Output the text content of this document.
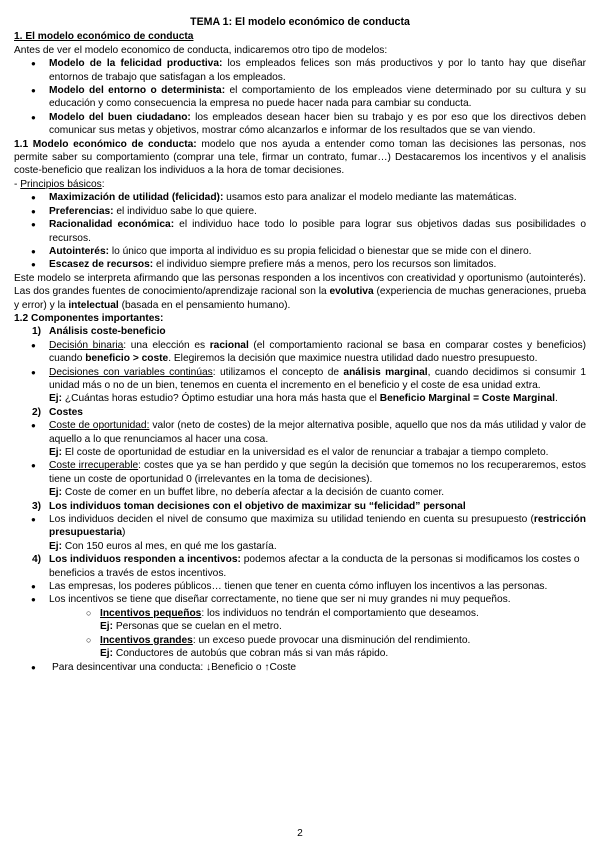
TEMA 1: El modelo económico de conducta
1. El modelo económico de conducta

Antes de ver el modelo economico de conducta, indicaremos otro tipo de modelos:

● Modelo de la felicidad productiva: los empleados felices son más productivos y por lo tanto hay que diseñar entornos de trabajo que satisfagan a los empleados.
● Modelo del entorno o determinista: el comportamiento de los empleados viene determinado por su cultura y su educación y como consecuencia la empresa no puede hacer nada para cambiar su conducta.
● Modelo del buen ciudadano: los empleados desean hacer bien su trabajo y es por eso que los directivos deben comunicar sus metas y objetivos, mostrar cómo alcanzarlos e informar de los resultados que se van viendo.

1.1 Modelo económico de conducta: modelo que nos ayuda a entender como toman las decisiones las personas, nos permite saber su comportamiento (comprar una tele, firmar un contrato, fumar…) Destacaremos los incentivos y el analisis coste-beneficio que realizan los individuos a la hora de tomar decisiones.

- Principios básicos:

● Maximización de utilidad (felicidad): usamos esto para analizar el modelo mediante las matemáticas.
● Preferencias: el individuo sabe lo que quiere.
● Racionalidad económica: el individuo hace todo lo posible para lograr sus objetivos dadas sus posibilidades o recursos.
● Autointerés: lo único que importa al individuo es su propia felicidad o bienestar que se mide con el dinero.
● Escasez de recursos: el individuo siempre prefiere más a menos, pero los recursos son limitados.

Este modelo se interpreta afirmando que las personas responden a los incentivos con creatividad y oportunismo (autointerés). Las dos grandes fuentes de conocimiento/aprendizaje racional son la evolutiva (experiencia de muchas generaciones, prueba y error) y la intelectual (basada en el pensamiento humano).

1.2 Componentes importantes:
1) Análisis coste-beneficio
● Decisión binaria: una elección es racional (el comportamiento racional se basa en comparar costes y beneficios) cuando beneficio > coste. Elegiremos la decisión que maximice nuestra utilidad dado nuestro presupuesto.
● Decisiones con variables continúas: utilizamos el concepto de análisis marginal, cuando decidimos si consumir 1 unidad más o no de un bien, tenemos en cuenta el incremento en el beneficio y el coste de esa unidad extra.

Ej: ¿Cuántas horas estudio? Óptimo estudiar una hora más hasta que el Beneficio Marginal = Coste Marginal.

2) Costes
● Coste de oportunidad: valor (neto de costes) de la mejor alternativa posible, aquello que nos da más utilidad y valor de aquello a lo que renunciamos al hacer una cosa.

Ej: El coste de oportunidad de estudiar en la universidad es el valor de renunciar a trabajar a tiempo completo.

● Coste irrecuperable: costes que ya se han perdido y que según la decisión que tomemos no los recuperaremos, estos tiene un coste de oportunidad 0 (irrelevantes en la toma de decisiones).

Ej: Coste de comer en un buffet libre, no debería afectar a la decisión de cuanto comer.

3) Los individuos toman decisiones con el objetivo de maximizar su “felicidad” personal
● Los individuos deciden el nivel de consumo que maximiza su utilidad teniendo en cuenta su presupuesto (restricción presupuestaria)

Ej: Con 150 euros al mes, en qué me los gastaría.

4) Los individuos responden a incentivos: podemos afectar a la conducta de la personas si modificamos los costes o beneficios a través de estos incentivos.
● Las empresas, los poderes públicos… tienen que tener en cuenta cómo influyen los incentivos a las personas.
● Los incentivos se tiene que diseñar correctamente, no tiene que ser ni muy grandes ni muy pequeños.
○ Incentivos pequeños: los individuos no tendrán el comportamiento que deseamos.

Ej: Personas que se cuelan en el metro.

○ Incentivos grandes: un exceso puede provocar una disminución del rendimiento.

Ej: Conductores de autobús que cobran más si van más rápido.

● Para desincentivar una conducta: ↓Beneficio o ↑Coste
2
